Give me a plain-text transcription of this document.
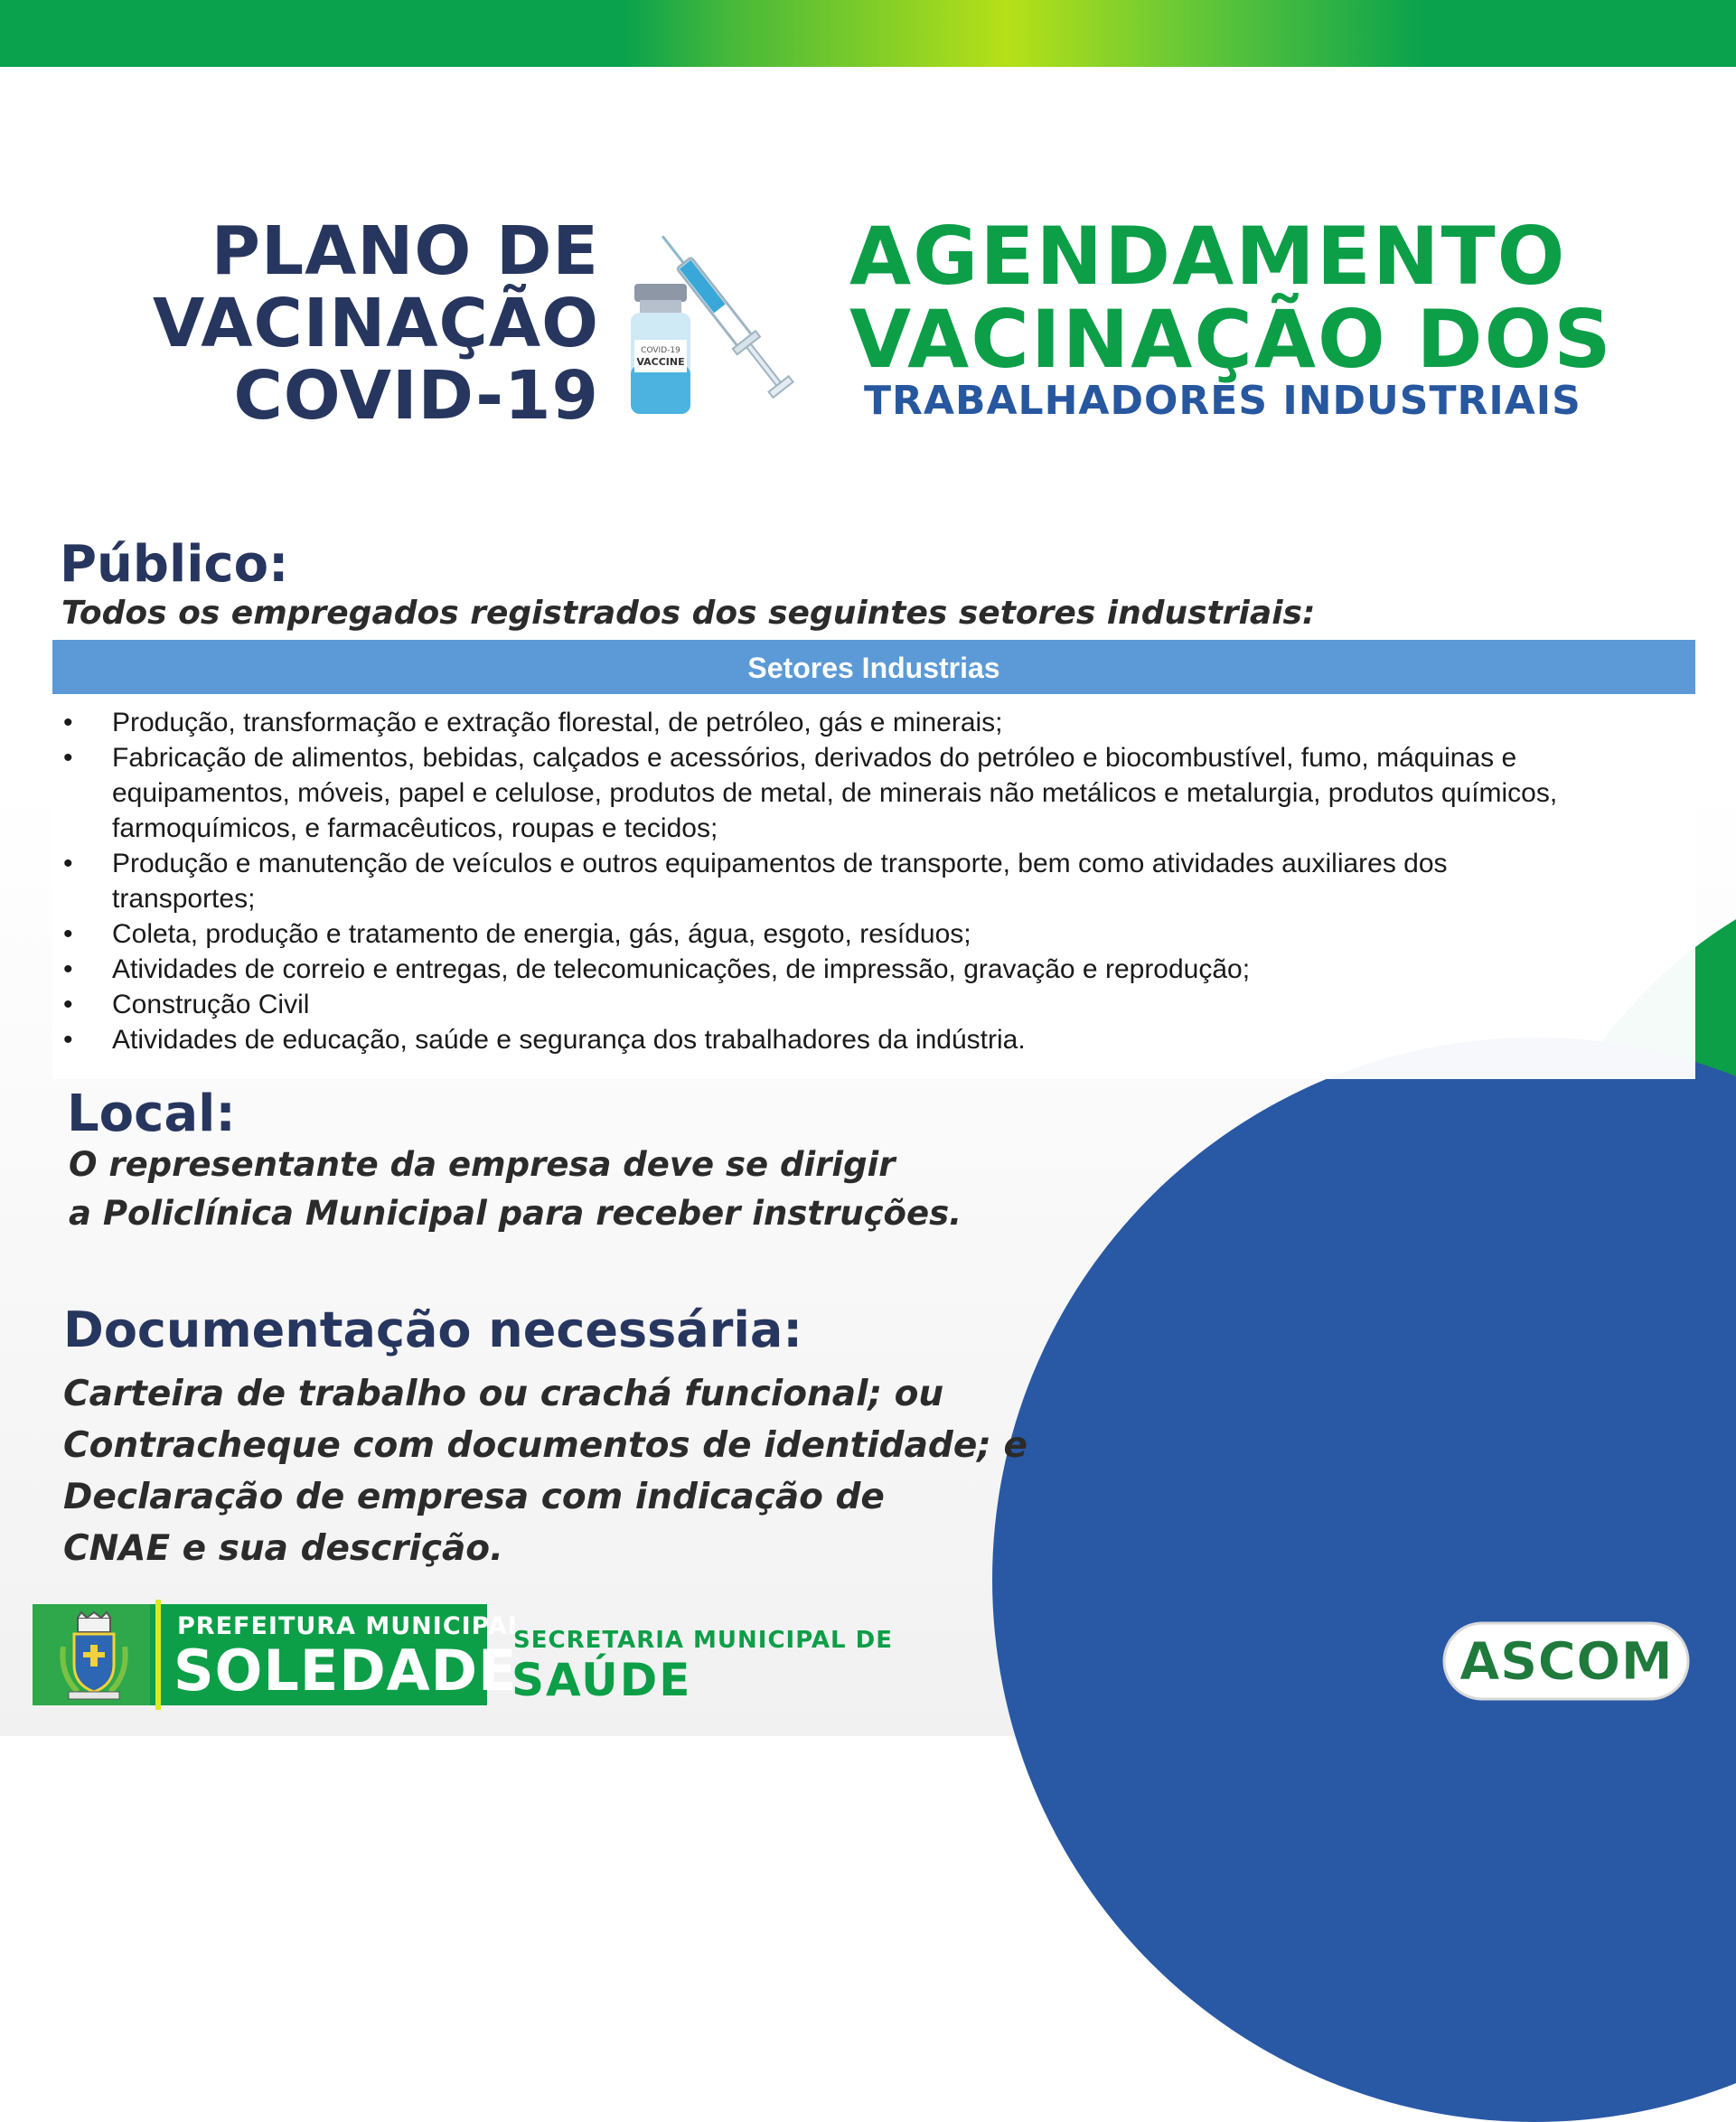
PLANO DE
VACINAÇÃO
COVID-19
COVID-19
VACCINE
AGENDAMENTO
VACINAÇÃO DOS
TRABALHADORES INDUSTRIAIS
Público:
Todos os empregados registrados dos seguintes setores industriais:
Setores Industrias
• Produção, transformação e extração florestal, de petróleo, gás e minerais;
• Fabricação de alimentos, bebidas, calçados e acessórios, derivados do petróleo e biocombustível, fumo, máquinas e
equipamentos, móveis, papel e celulose, produtos de metal, de minerais não metálicos e metalurgia, produtos químicos,
farmoquímicos, e farmacêuticos, roupas e tecidos;
• Produção e manutenção de veículos e outros equipamentos de transporte, bem como atividades auxiliares dos
transportes;
• Coleta, produção e tratamento de energia, gás, água, esgoto, resíduos;
• Atividades de correio e entregas, de telecomunicações, de impressão, gravação e reprodução;
• Construção Civil
• Atividades de educação, saúde e segurança dos trabalhadores da indústria.
Local:
O representante da empresa deve se dirigir
a Policlínica Municipal para receber instruções.
Documentação necessária:
Carteira de trabalho ou crachá funcional; ou
Contracheque com documentos de identidade; e
Declaração de empresa com indicação de
CNAE e sua descrição.
PREFEITURA MUNICIPAL
SOLEDADE
SECRETARIA MUNICIPAL DE
SAÚDE	ASCOM
